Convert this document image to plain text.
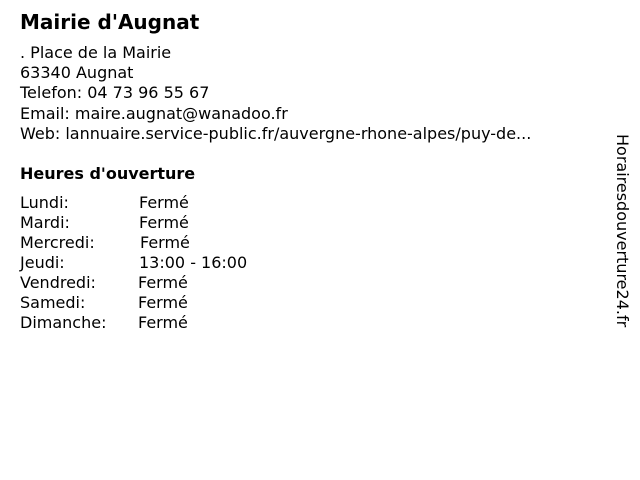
Mairie d'Augnat
. Place de la Mairie
63340 Augnat
Telefon: 04 73 96 55 67
Email: maire.augnat@wanadoo.fr
Web: lannuaire.service-public.fr/auvergne-rhone-alpes/puy-de...
Heures d'ouverture
Lundi:	Fermé
Mardi:	Fermé
Mercredi:	Fermé
Jeudi:	13:00 - 16:00
Vendredi:	Fermé
Samedi:	Fermé
Dimanche: Fermé	Horairesdouverture24.fr
